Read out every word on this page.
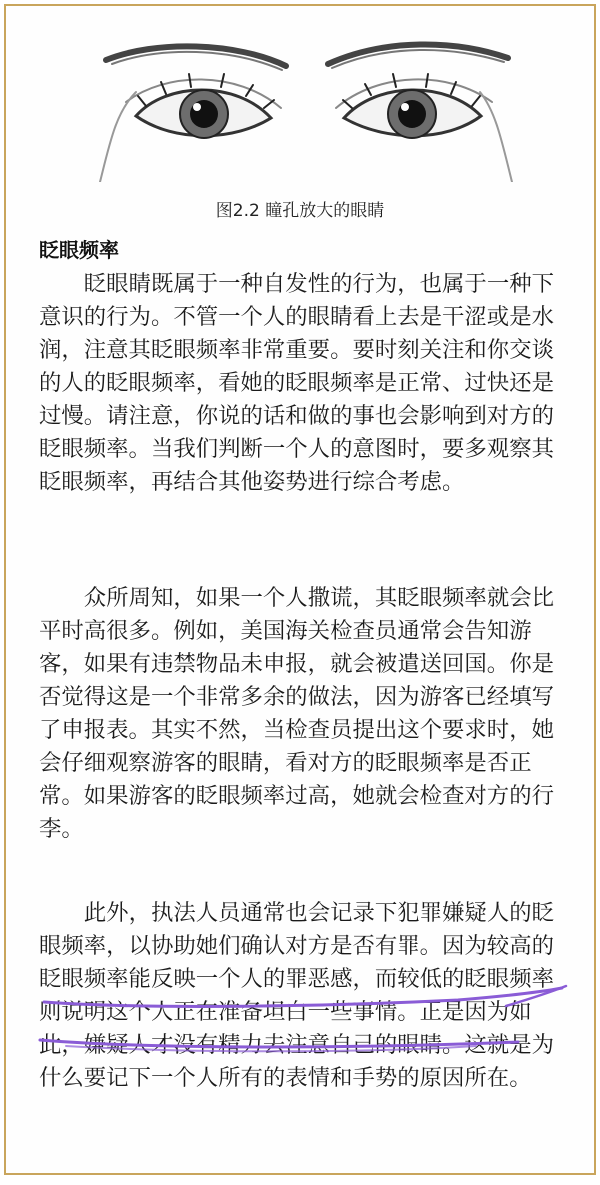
图2.2 瞳孔放大的眼睛
眨眼频率

眨眼睛既属于一种自发性的行为，也属于一种下意识的行为。不管一个人的眼睛看上去是干涩或是水润，注意其眨眼频率非常重要。要时刻关注和你交谈的人的眨眼频率，看她的眨眼频率是正常、过快还是过慢。请注意，你说的话和做的事也会影响到对方的眨眼频率。当我们判断一个人的意图时，要多观察其眨眼频率，再结合其他姿势进行综合考虑。

众所周知，如果一个人撒谎，其眨眼频率就会比平时高很多。例如，美国海关检查员通常会告知游客，如果有违禁物品未申报，就会被遣送回国。你是否觉得这是一个非常多余的做法，因为游客已经填写了申报表。其实不然，当检查员提出这个要求时，她会仔细观察游客的眼睛，看对方的眨眼频率是否正常。如果游客的眨眼频率过高，她就会检查对方的行李。

此外，执法人员通常也会记录下犯罪嫌疑人的眨眼频率，以协助她们确认对方是否有罪。因为较高的眨眼频率能反映一个人的罪恶感，而较低的眨眼频率则说明这个人正在准备坦白一些事情。正是因为如此，嫌疑人才没有精力去注意自己的眼睛。这就是为什么要记下一个人所有的表情和手势的原因所在。
